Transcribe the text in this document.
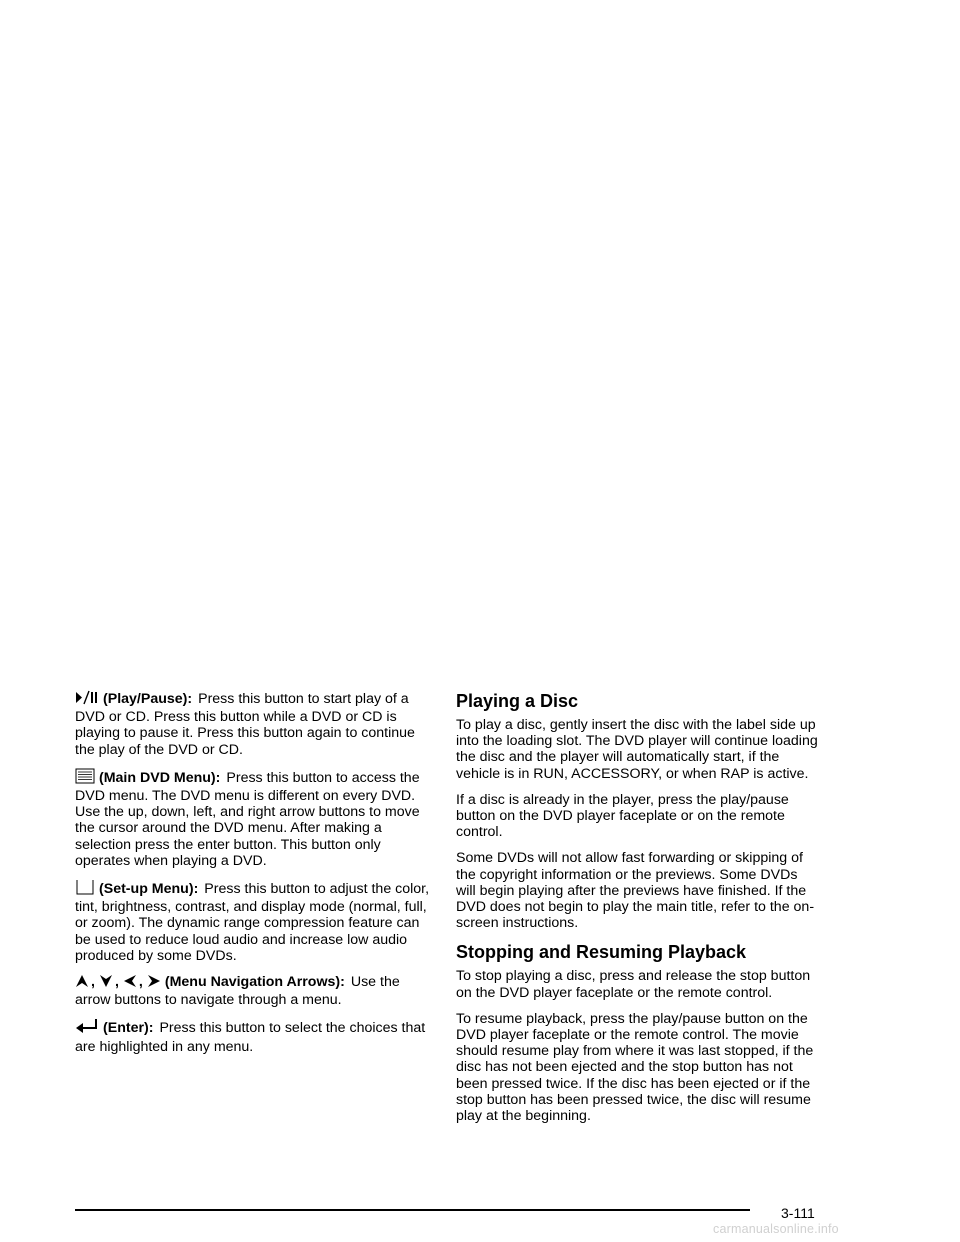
(Play/Pause): Press this button to start play of a DVD or CD. Press this button while a DVD or CD is playing to pause it. Press this button again to continue the play of the DVD or CD.

(Main DVD Menu): Press this button to access the DVD menu. The DVD menu is different on every DVD. Use the up, down, left, and right arrow buttons to move the cursor around the DVD menu. After making a selection press the enter button. This button only operates when playing a DVD.

(Set-up Menu): Press this button to adjust the color, tint, brightness, contrast, and display mode (normal, full, or zoom). The dynamic range compression feature can be used to reduce loud audio and increase low audio produced by some DVDs.

, , , (Menu Navigation Arrows): Use the arrow buttons to navigate through a menu.

(Enter): Press this button to select the choices that are highlighted in any menu.

Playing a Disc

To play a disc, gently insert the disc with the label side up into the loading slot. The DVD player will continue loading the disc and the player will automatically start, if the vehicle is in RUN, ACCESSORY, or when RAP is active.

If a disc is already in the player, press the play/pause button on the DVD player faceplate or on the remote control.

Some DVDs will not allow fast forwarding or skipping of the copyright information or the previews. Some DVDs will begin playing after the previews have finished. If the DVD does not begin to play the main title, refer to the on-screen instructions.

Stopping and Resuming Playback

To stop playing a disc, press and release the stop button on the DVD player faceplate or the remote control.

To resume playback, press the play/pause button on the DVD player faceplate or the remote control. The movie should resume play from where it was last stopped, if the disc has not been ejected and the stop button has not been pressed twice. If the disc has been ejected or if the stop button has been pressed twice, the disc will resume play at the beginning.

3-111
carmanualsonline.info
